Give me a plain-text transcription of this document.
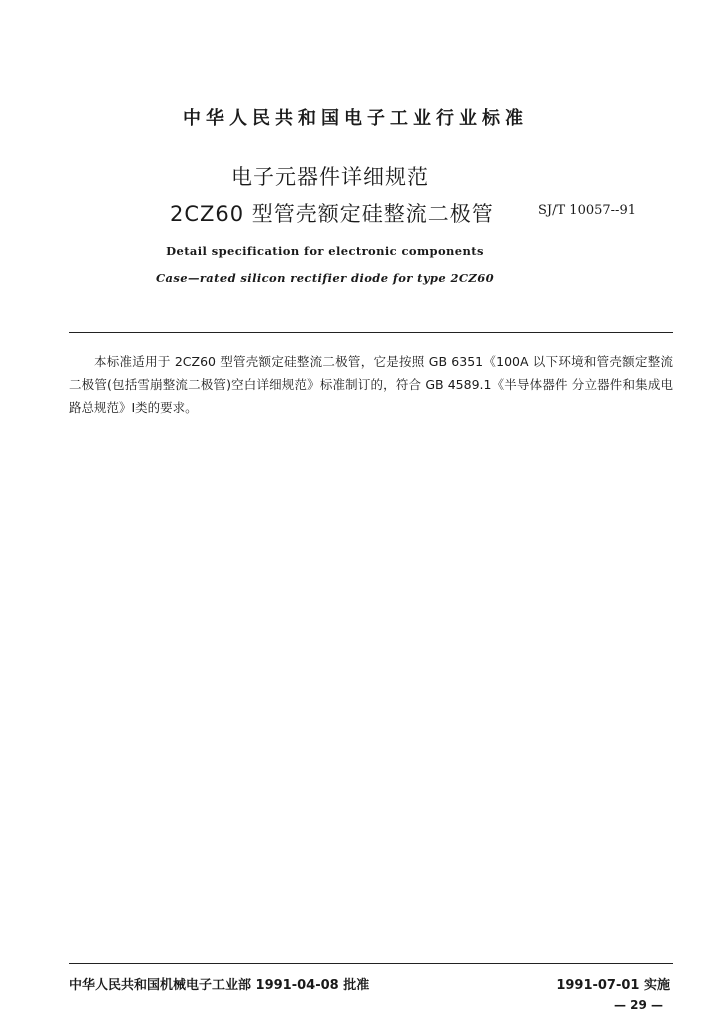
中华人民共和国电子工业行业标准
电子元器件详细规范
2CZ60 型管壳额定硅整流二极管	SJ/T 10057--91
Detail specification for electronic components
Case—rated silicon rectifier diode for type 2CZ60

本标准适用于 2CZ60 型管壳额定硅整流二极管，它是按照 GB 6351《100A 以下环境和管壳额定整流二极管(包括雪崩整流二极管)空白详细规范》标准制订的，符合 GB 4589.1《半导体器件 分立器件和集成电路总规范》Ⅰ类的要求。

中华人民共和国机械电子工业部 1991-04-08 批准	1991-07-01 实施
— 29 —
